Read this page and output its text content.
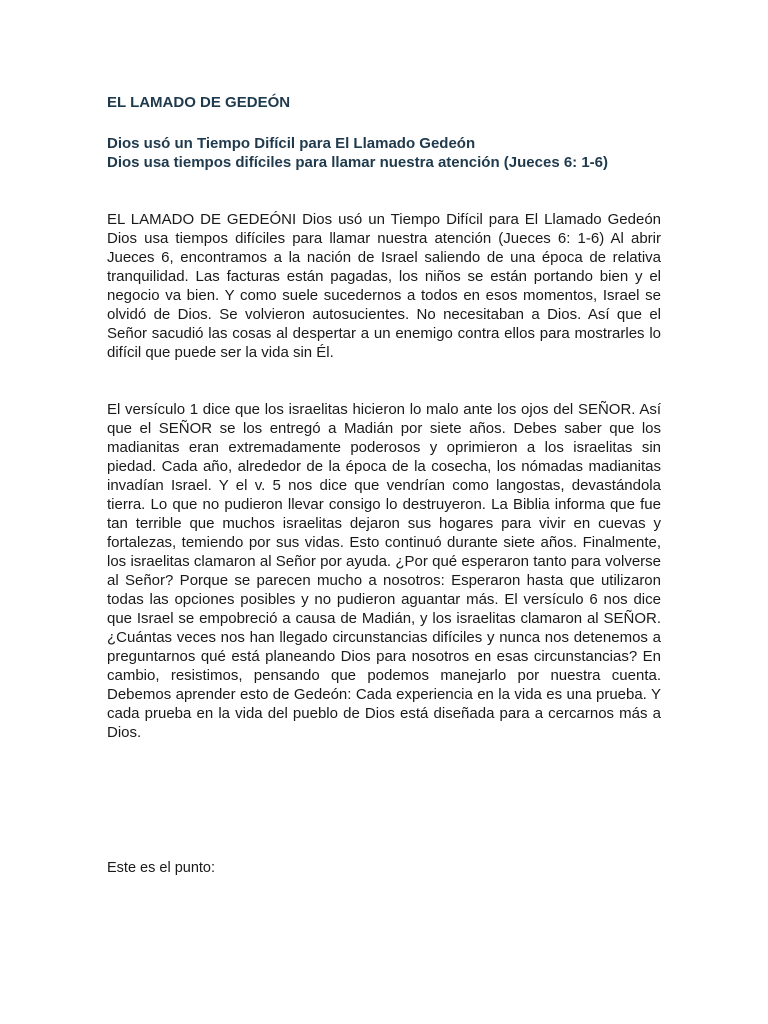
EL LAMADO DE GEDEÓN

Dios usó un Tiempo Difícil para El Llamado Gedeón

Dios usa tiempos difíciles para llamar nuestra atención (Jueces 6: 1-6)

EL LAMADO DE GEDEÓNI Dios usó un Tiempo Difícil para El Llamado Gedeón Dios usa tiempos difíciles para llamar nuestra atención (Jueces 6: 1-6) Al abrir Jueces 6, encontramos a la nación de Israel saliendo de una época de relativa tranquilidad. Las facturas están pagadas, los niños se están portando bien y el negocio va bien. Y como suele sucedernos a todos en esos momentos, Israel se olvidó de Dios. Se volvieron autosucientes. No necesitaban a Dios. Así que el Señor sacudió las cosas al despertar a un enemigo contra ellos para mostrarles lo difícil que puede ser la vida sin Él.

El versículo 1 dice que los israelitas hicieron lo malo ante los ojos del SEÑOR. Así que el SEÑOR se los entregó a Madián por siete años. Debes saber que los madianitas eran extremadamente poderosos y oprimieron a los israelitas sin piedad. Cada año, alrededor de la época de la cosecha, los nómadas madianitas invadían Israel. Y el v. 5 nos dice que vendrían como langostas, devastándola tierra. Lo que no pudieron llevar consigo lo destruyeron. La Biblia informa que fue tan terrible que muchos israelitas dejaron sus hogares para vivir en cuevas y fortalezas, temiendo por sus vidas. Esto continuó durante siete años. Finalmente, los israelitas clamaron al Señor por ayuda. ¿Por qué esperaron tanto para volverse al Señor? Porque se parecen mucho a nosotros: Esperaron hasta que utilizaron todas las opciones posibles y no pudieron aguantar más. El versículo 6 nos dice que Israel se empobreció a causa de Madián, y los israelitas clamaron al SEÑOR. ¿Cuántas veces nos han llegado circunstancias difíciles y nunca nos detenemos a preguntarnos qué está planeando Dios para nosotros en esas circunstancias? En cambio, resistimos, pensando que podemos manejarlo por nuestra cuenta. Debemos aprender esto de Gedeón: Cada experiencia en la vida es una prueba. Y cada prueba en la vida del pueblo de Dios está diseñada para a cercarnos más a Dios.

Este es el punto:
